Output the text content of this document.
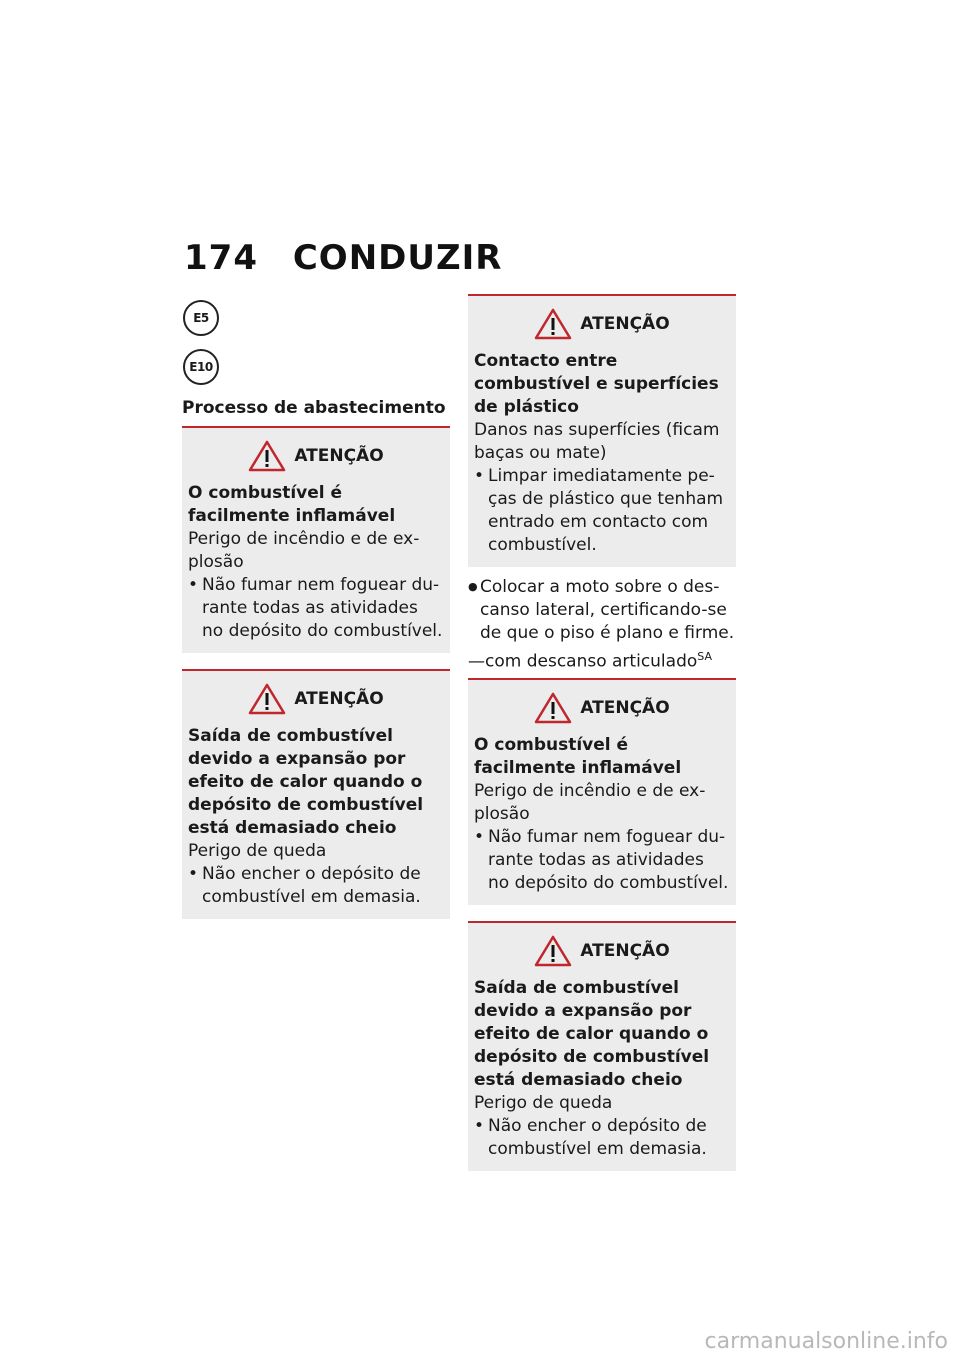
174 CONDUZIR
E5
E10
Processo de abastecimento
ATENÇÃO
O combustível é facilmente inflamável
Perigo de incêndio e de ex-plosão
• Não fumar nem foguear du-rante todas as atividades no depósito do combustível.
ATENÇÃO
Saída de combustível devido a expansão por efeito de calor quando o depósito de combustível está demasiado cheio
Perigo de queda
• Não encher o depósito de combustível em demasia.
ATENÇÃO
Contacto entre combustível e superfícies de plástico
Danos nas superfícies (ficam baças ou mate)
• Limpar imediatamente pe-ças de plástico que tenham entrado em contacto com combustível.
● Colocar a moto sobre o des-canso lateral, certificando-se de que o piso é plano e firme.
—com descanso articulado$^{SA}$
ATENÇÃO
O combustível é facilmente inflamável
Perigo de incêndio e de ex-plosão
• Não fumar nem foguear du-rante todas as atividades no depósito do combustível.
ATENÇÃO
Saída de combustível devido a expansão por efeito de calor quando o depósito de combustível está demasiado cheio
Perigo de queda
• Não encher o depósito de combustível em demasia.
carmanualsonline.info
